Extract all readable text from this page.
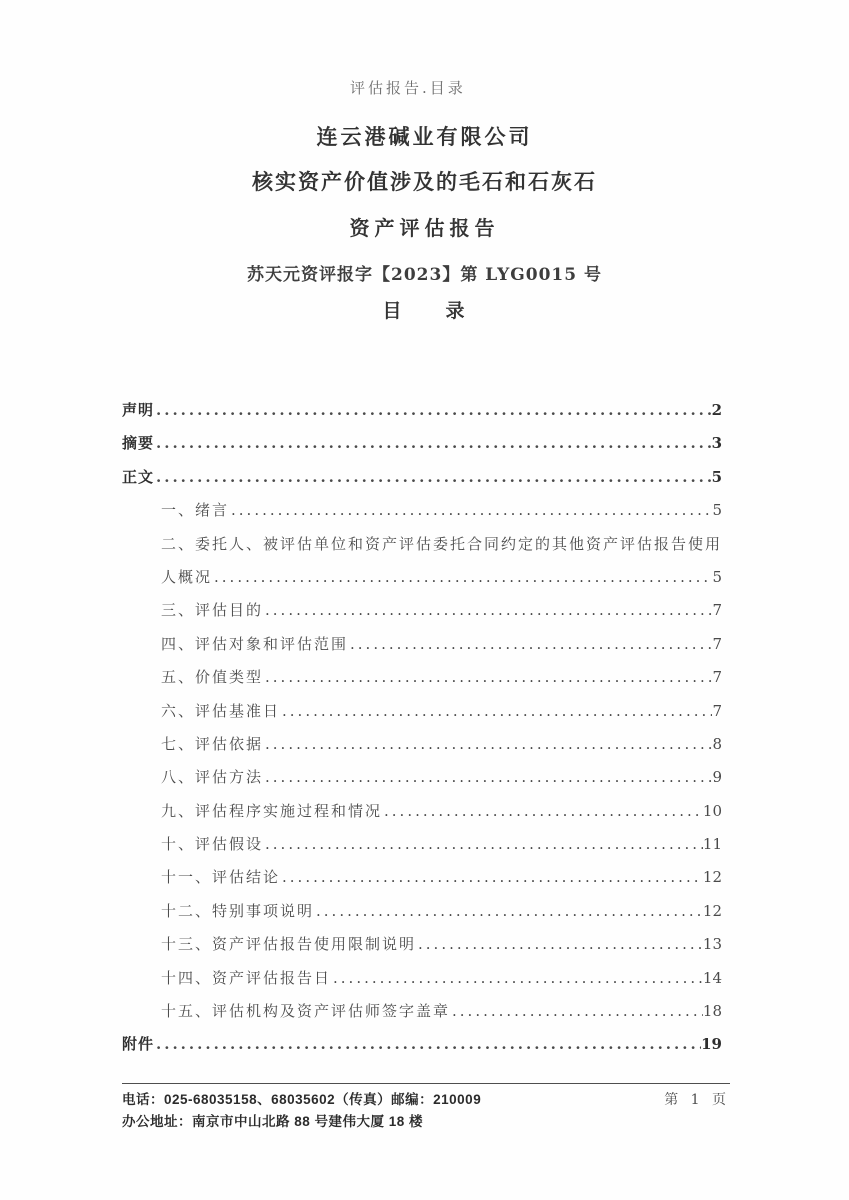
评估报告.目录
连云港碱业有限公司
核实资产价值涉及的毛石和石灰石
资产评估报告
苏天元资评报字【2023】第 LYG0015 号
目　　录
声明 .....	2
摘要 .....	3
正文 .....	5
一、绪言 .....	5
二、委托人、被评估单位和资产评估委托合同约定的其他资产评估报告使用
人概况 .....	5
三、评估目的 .....	7
四、评估对象和评估范围 .....	7
五、价值类型 .....	7
六、评估基准日 .....	7
七、评估依据 .....	8
八、评估方法 .....	9
九、评估程序实施过程和情况 .....	10
十、评估假设 .....	11
十一、评估结论 .....	12
十二、特别事项说明 .....	12
十三、资产评估报告使用限制说明 .....	13
十四、资产评估报告日 .....	14
十五、评估机构及资产评估师签字盖章 .....	18
附件 .....	19
电话：025-68035158、68035602（传真）邮编：210009
办公地址：南京市中山北路 88 号建伟大厦 18 楼
第 1 页
